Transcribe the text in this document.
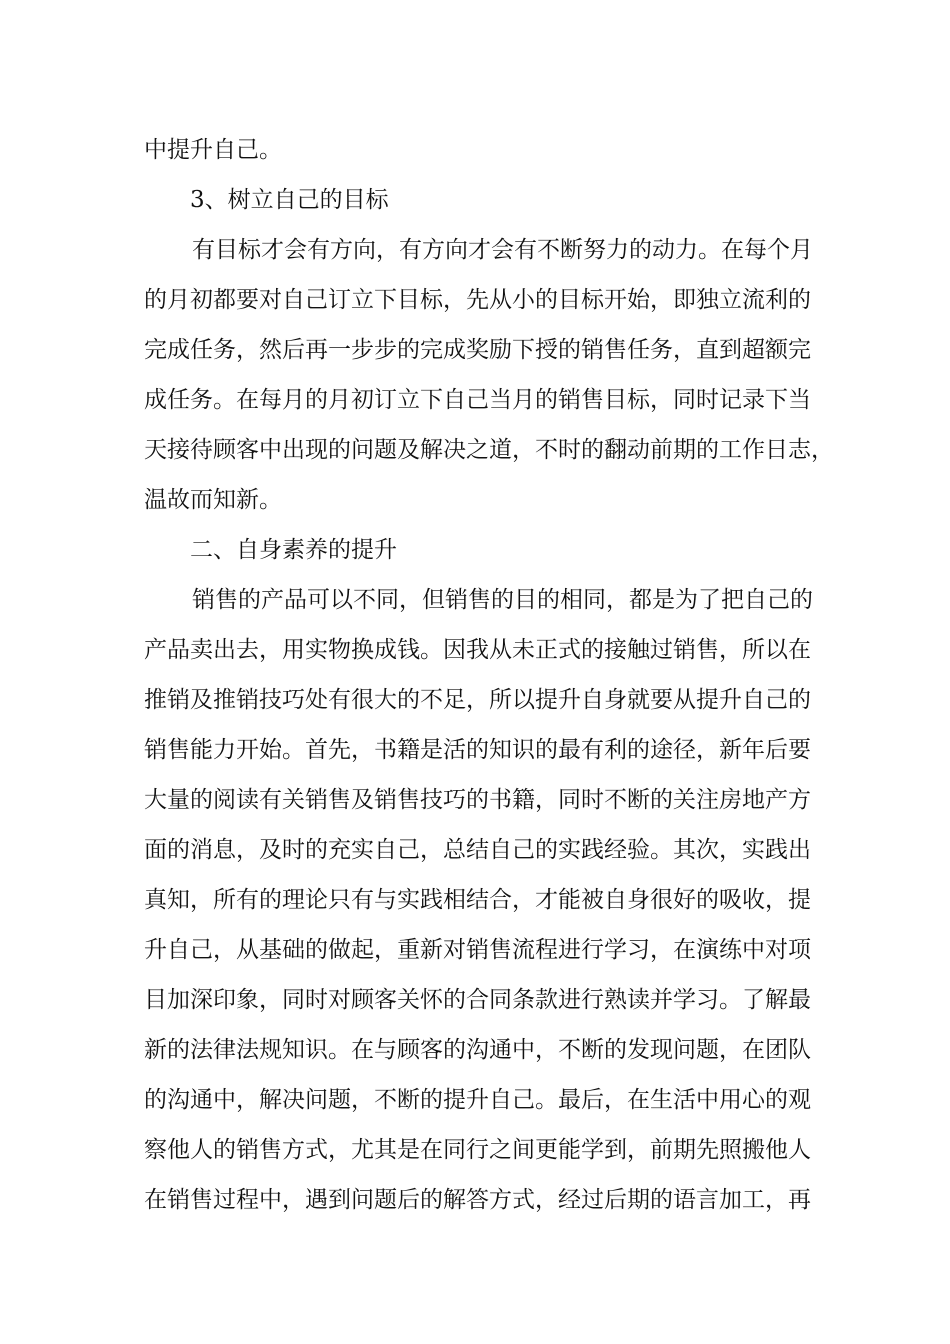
中提升自己。
3、树立自己的目标
有目标才会有方向，有方向才会有不断努力的动力。在每个月
的月初都要对自己订立下目标，先从小的目标开始，即独立流利的
完成任务，然后再一步步的完成奖励下授的销售任务，直到超额完
成任务。在每月的月初订立下自己当月的销售目标，同时记录下当
天接待顾客中出现的问题及解决之道，不时的翻动前期的工作日志，
温故而知新。
二、自身素养的提升
销售的产品可以不同，但销售的目的相同，都是为了把自己的
产品卖出去，用实物换成钱。因我从未正式的接触过销售，所以在
推销及推销技巧处有很大的不足，所以提升自身就要从提升自己的
销售能力开始。首先，书籍是活的知识的最有利的途径，新年后要
大量的阅读有关销售及销售技巧的书籍，同时不断的关注房地产方
面的消息，及时的充实自己，总结自己的实践经验。其次，实践出
真知，所有的理论只有与实践相结合，才能被自身很好的吸收，提
升自己，从基础的做起，重新对销售流程进行学习，在演练中对项
目加深印象，同时对顾客关怀的合同条款进行熟读并学习。了解最
新的法律法规知识。在与顾客的沟通中，不断的发现问题，在团队
的沟通中，解决问题，不断的提升自己。最后，在生活中用心的观
察他人的销售方式，尤其是在同行之间更能学到，前期先照搬他人
在销售过程中，遇到问题后的解答方式，经过后期的语言加工，再
